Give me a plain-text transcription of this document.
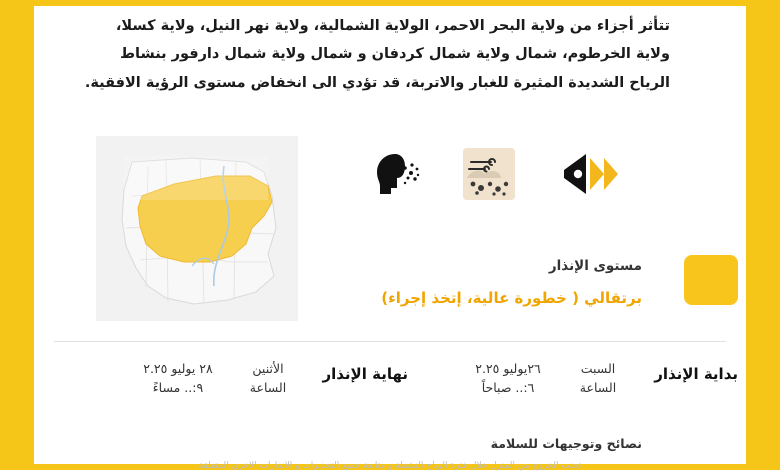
تتأثر أجزاء من ولاية البحر الاحمر، الولاية الشمالية، ولاية نهر النيل، ولاية كسلا، ولاية الخرطوم، شمال ولاية شمال كردفان و شمال ولاية شمال دارفور بنشاط الرياح الشديدة المثيرة للغبار والاتربة، قد تؤدي الى انخفاض مستوى الرؤية الافقية.
مستوى الإنذار
برتقالي ( خطورة عالية، إتخذ إجراء)
بداية الإنذار
السبت
الساعة
٢٦يوليو ٢.٢٥
٦:.. صباحاً
نهاية الإنذار
الأثنين
الساعة
٢٨ يوليو ٢.٢٥
٩:.. مساءً
نصائح وتوجيهات للسلامة
تجنب الخروج من المنزل خلال فترة الرياح النشطة و متابعة جميع التحذيرات و الأنذارات الأخرى المتعلقة
